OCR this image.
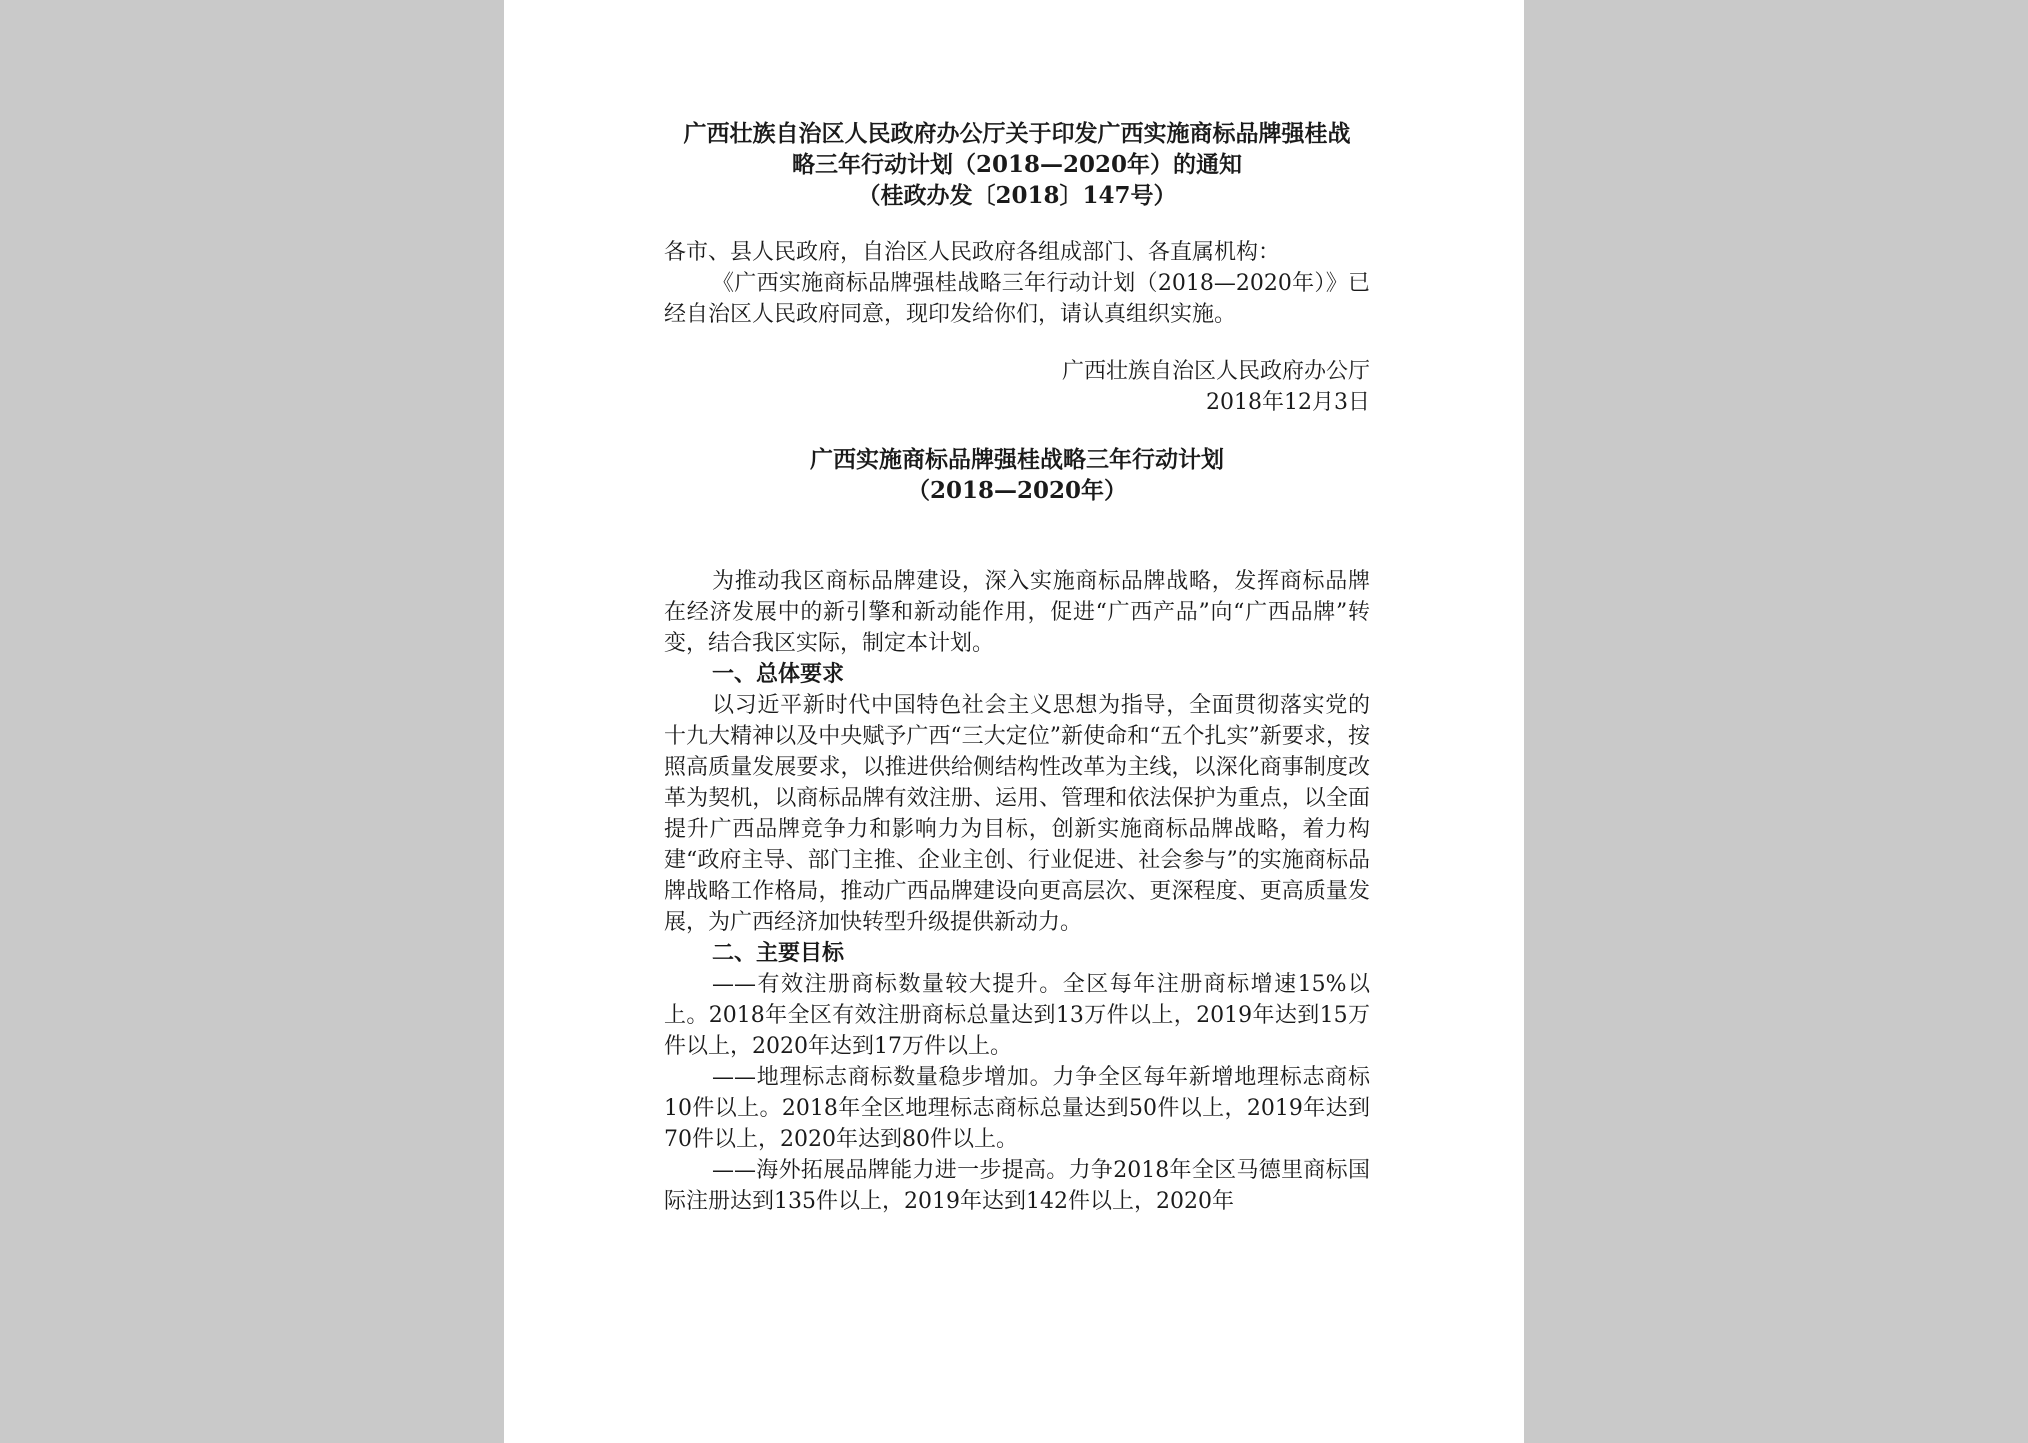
广西壮族自治区人民政府办公厅关于印发广西实施商标品牌强桂战

略三年行动计划（2018—2020年）的通知

（桂政办发〔2018〕147号）

各市、县人民政府，自治区人民政府各组成部门、各直属机构：

《广西实施商标品牌强桂战略三年行动计划（2018—2020年）》已经自治区人民政府同意，现印发给你们，请认真组织实施。

广西壮族自治区人民政府办公厅

2018年12月3日

广西实施商标品牌强桂战略三年行动计划

（2018—2020年）

为推动我区商标品牌建设，深入实施商标品牌战略，发挥商标品牌在经济发展中的新引擎和新动能作用，促进“广西产品”向“广西品牌”转变，结合我区实际，制定本计划。

一、总体要求

以习近平新时代中国特色社会主义思想为指导，全面贯彻落实党的十九大精神以及中央赋予广西“三大定位”新使命和“五个扎实”新要求，按照高质量发展要求，以推进供给侧结构性改革为主线，以深化商事制度改革为契机，以商标品牌有效注册、运用、管理和依法保护为重点，以全面提升广西品牌竞争力和影响力为目标，创新实施商标品牌战略，着力构建“政府主导、部门主推、企业主创、行业促进、社会参与”的实施商标品牌战略工作格局，推动广西品牌建设向更高层次、更深程度、更高质量发展，为广西经济加快转型升级提供新动力。

二、主要目标

——有效注册商标数量较大提升。全区每年注册商标增速15%以上。2018年全区有效注册商标总量达到13万件以上，2019年达到15万件以上，2020年达到17万件以上。

——地理标志商标数量稳步增加。力争全区每年新增地理标志商标10件以上。2018年全区地理标志商标总量达到50件以上，2019年达到70件以上，2020年达到80件以上。

——海外拓展品牌能力进一步提高。力争2018年全区马德里商标国际注册达到135件以上，2019年达到142件以上，2020年
